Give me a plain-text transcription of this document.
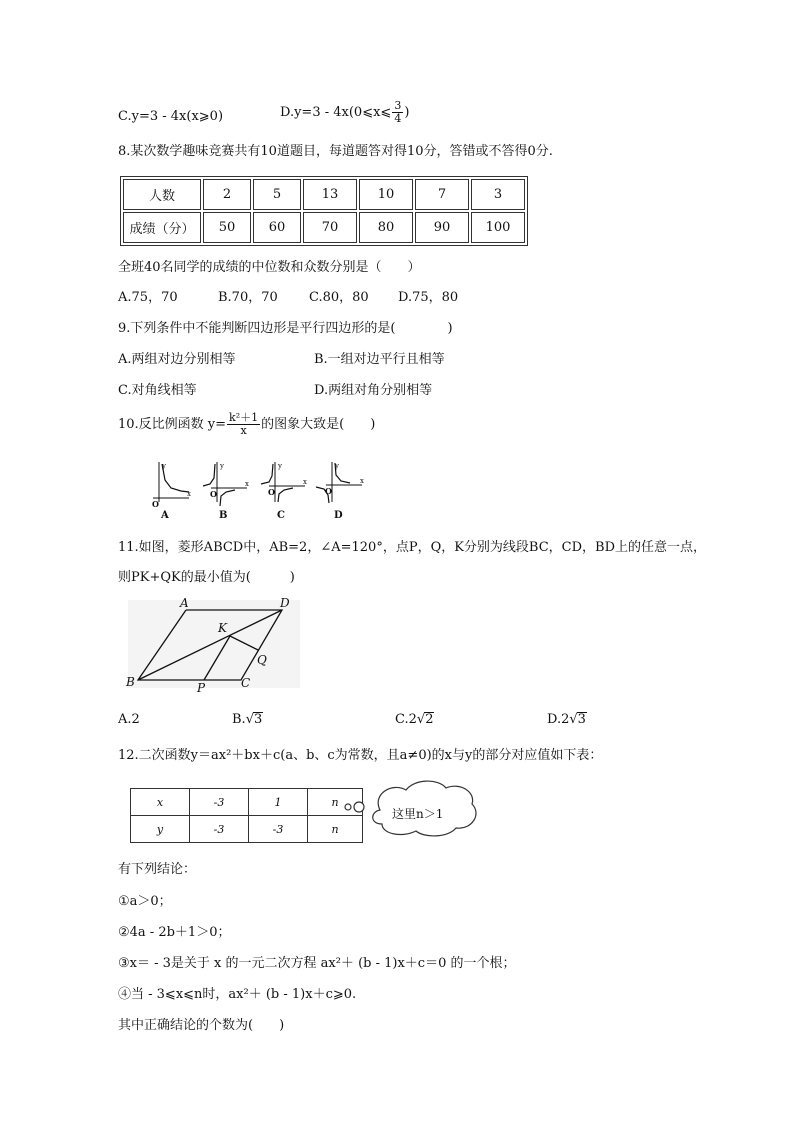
C.y=3 - 4x(x⩾0)	D.y=3 - 4x(0⩽x⩽ $\frac{3}{4}$ )
8.某次数学趣味竞赛共有10道题目，每道题答对得10分，答错或不答得0分.
人数	2	5	13	10	7	3
成绩（分）	50	60	70	80	90	100
全班40名同学的成绩的中位数和众数分别是（　　）
A.75，70	B.70，70 C.80，80 D.75，80
9.下列条件中不能判断四边形是平行四边形的是(　　　　)
A.两组对边分别相等	B.一组对边平行且相等
C.对角线相等	D.两组对角分别相等
10.反比例函数 $y= \frac{\text{k²＋1}}{x}$ 的图象大致是(　　)
A
y
x
O
B
y
x
O
C
y
x
O
D
y
x
O
11.如图，菱形ABCD中，AB=2，∠A=120°，点P，Q，K分别为线段BC，CD，BD上的任意一点，
则PK+QK的最小值为(　　　)
A
B	C
D
K
P
Q
A.2	B.√3	C.2√2	D.2√3
12.二次函数y＝ax²＋bx＋c(a、b、c为常数，且a≠0)的x与y的部分对应值如下表：
x	-3	1	n
y	-3	-3	n
这里n＞1
有下列结论：
①a＞0；
②4a - 2b＋1＞0；
③x＝ - 3是关于 x 的一元二次方程 ax²＋ (b - 1)x＋c＝0 的一个根；
④当 - 3⩽x⩽n时，ax²＋ (b - 1)x＋c⩾0.
其中正确结论的个数为(　　)
